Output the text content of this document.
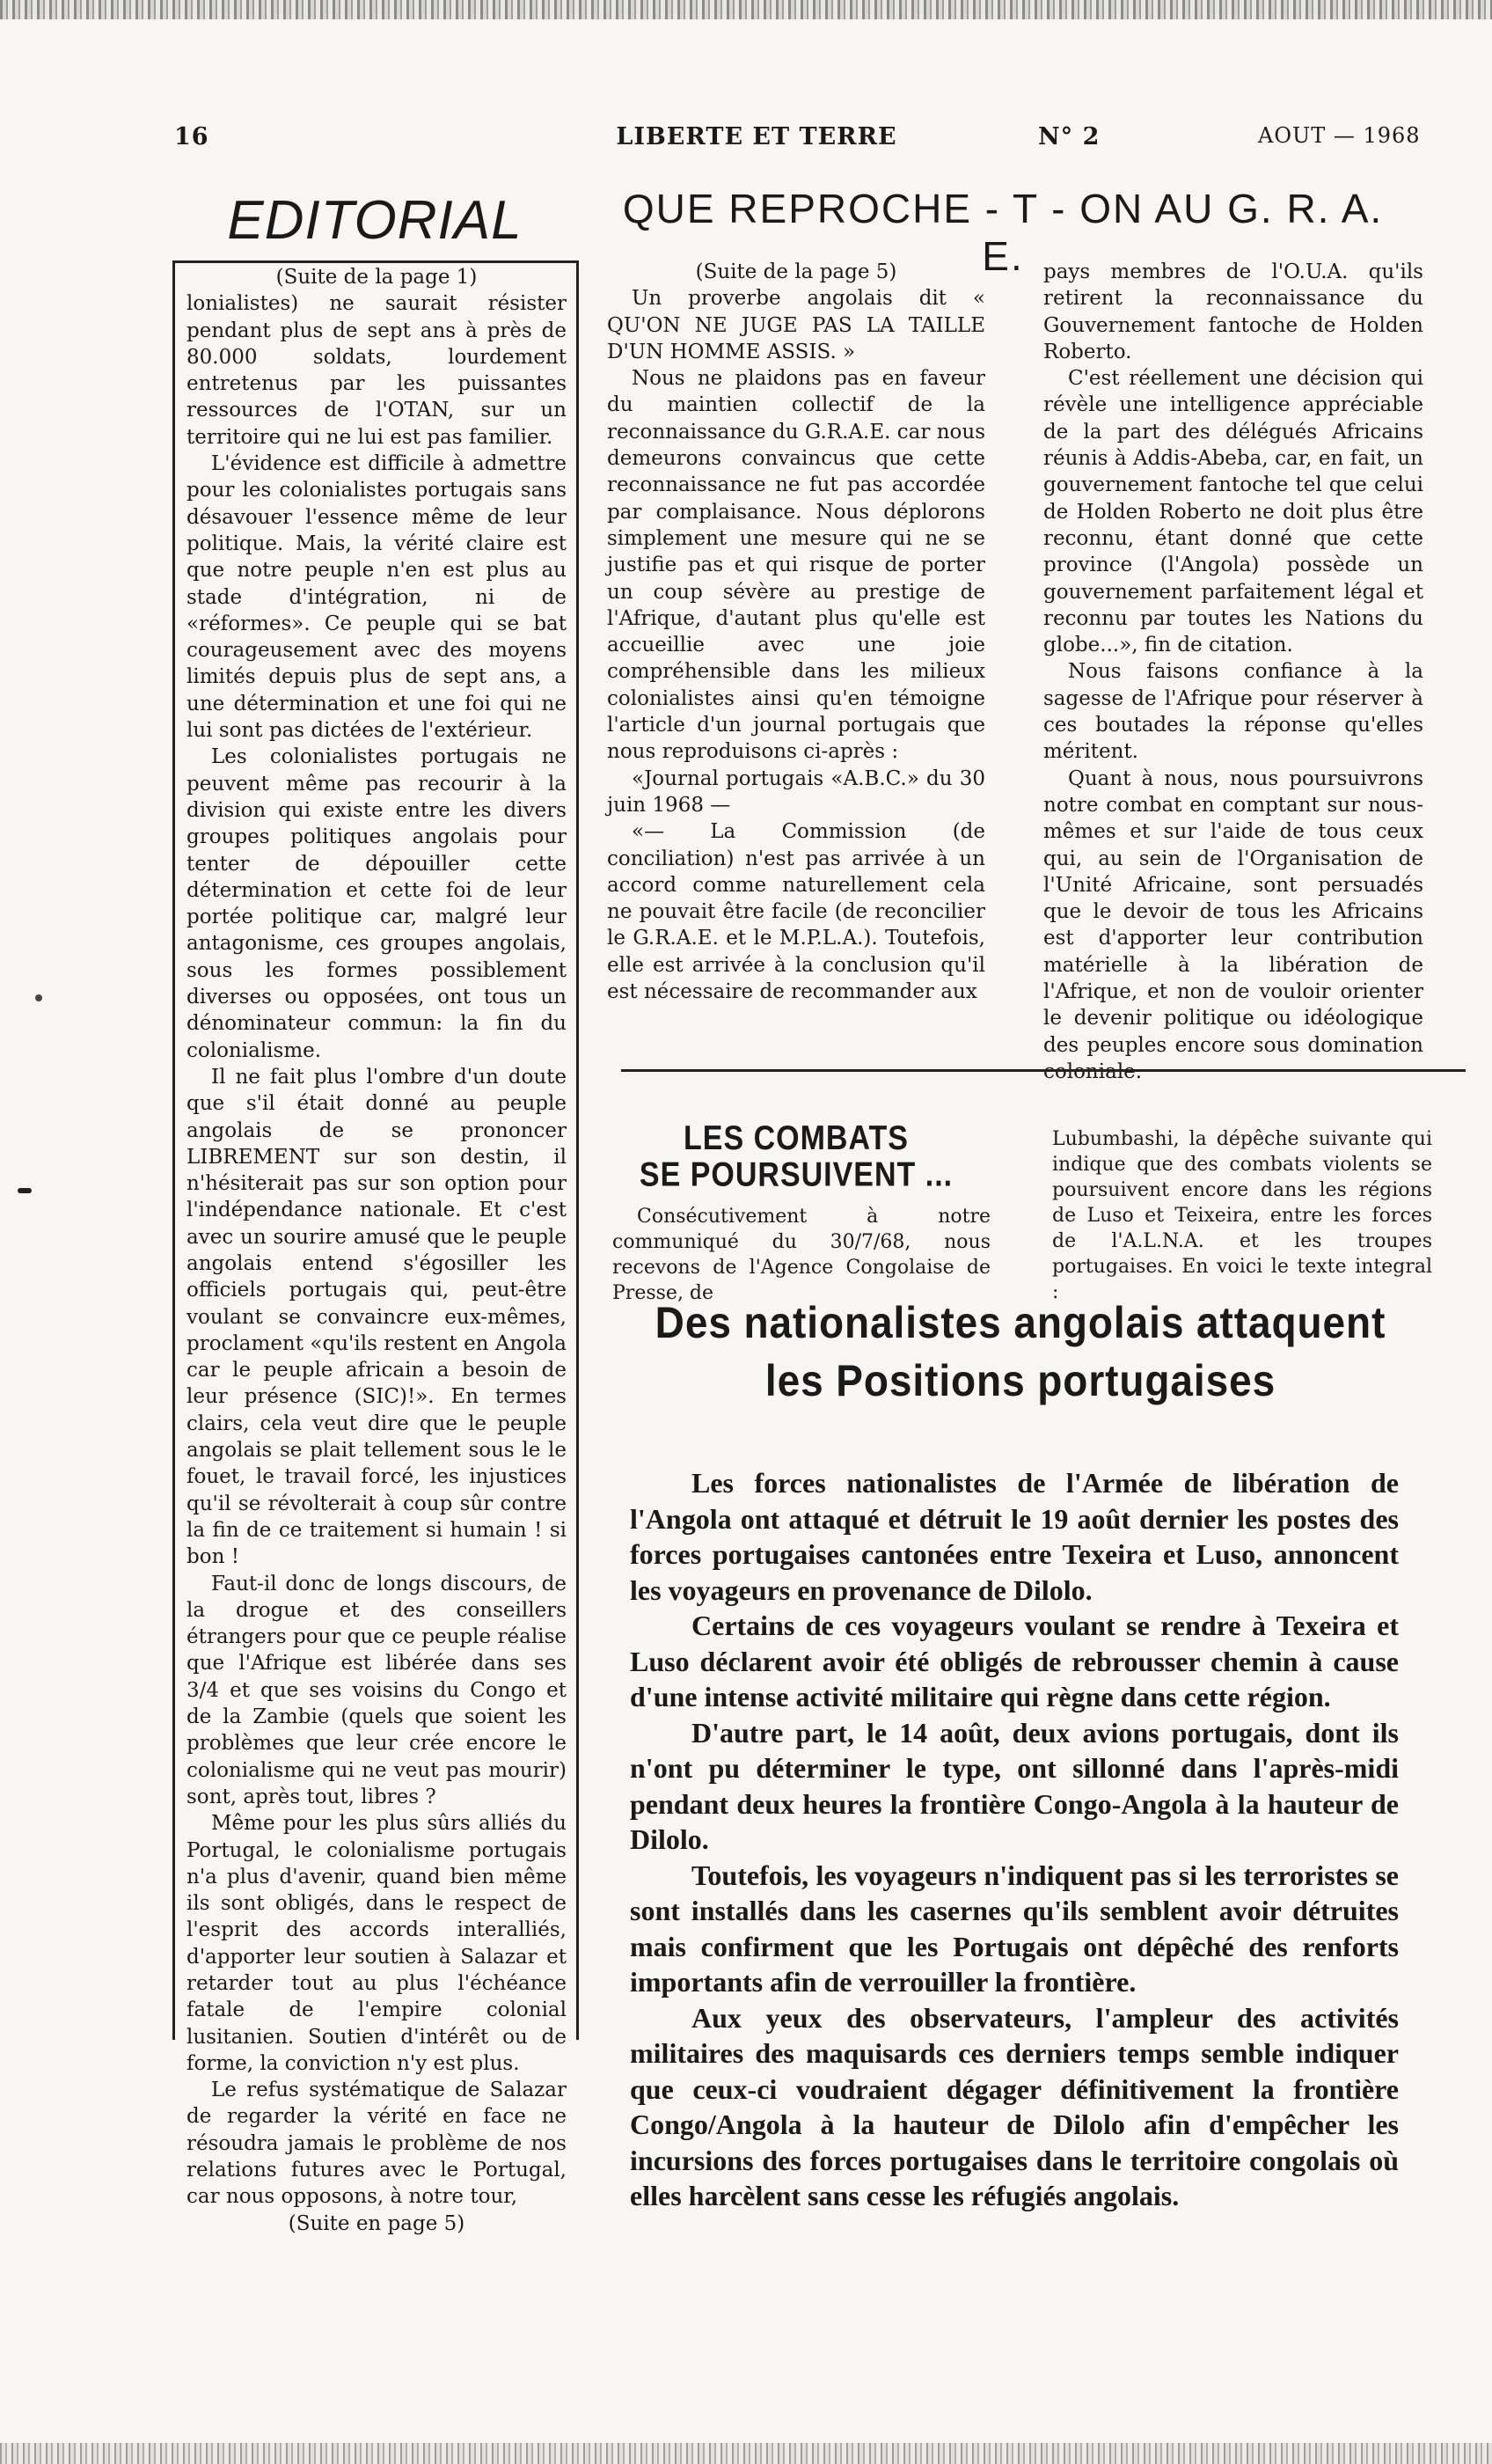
16	LIBERTE ET TERRE	N° 2	AOUT — 1968
EDITORIAL
(Suite de la page 1)

lonialistes) ne saurait résister pendant plus de sept ans à près de 80.000 soldats, lourdement entretenus par les puissantes ressources de l'OTAN, sur un territoire qui ne lui est pas familier.

L'évidence est difficile à admettre pour les colonialistes portugais sans désavouer l'essence même de leur politique. Mais, la vérité claire est que notre peuple n'en est plus au stade d'intégration, ni de «réformes». Ce peuple qui se bat courageusement avec des moyens limités depuis plus de sept ans, a une détermination et une foi qui ne lui sont pas dictées de l'extérieur.

Les colonialistes portugais ne peuvent même pas recourir à la division qui existe entre les divers groupes politiques angolais pour tenter de dépouiller cette détermination et cette foi de leur portée politique car, malgré leur antagonisme, ces groupes angolais, sous les formes possiblement diverses ou opposées, ont tous un dénominateur commun: la fin du colonialisme.

Il ne fait plus l'ombre d'un doute que s'il était donné au peuple angolais de se prononcer LIBREMENT sur son destin, il n'hésiterait pas sur son option pour l'indépendance nationale. Et c'est avec un sourire amusé que le peuple angolais entend s'égosiller les officiels portugais qui, peut-être voulant se convaincre eux-mêmes, proclament «qu'ils restent en Angola car le peuple africain a besoin de leur présence (SIC)!». En termes clairs, cela veut dire que le peuple angolais se plait tellement sous le le fouet, le travail forcé, les injustices qu'il se révolterait à coup sûr contre la fin de ce traitement si humain ! si bon !

Faut-il donc de longs discours, de la drogue et des conseillers étrangers pour que ce peuple réalise que l'Afrique est libérée dans ses 3/4 et que ses voisins du Congo et de la Zambie (quels que soient les problèmes que leur crée encore le colonialisme qui ne veut pas mourir) sont, après tout, libres ?

Même pour les plus sûrs alliés du Portugal, le colonialisme portugais n'a plus d'avenir, quand bien même ils sont obligés, dans le respect de l'esprit des accords interalliés, d'apporter leur soutien à Salazar et retarder tout au plus l'échéance fatale de l'empire colonial lusitanien. Soutien d'intérêt ou de forme, la conviction n'y est plus.

Le refus systématique de Salazar de regarder la vérité en face ne résoudra jamais le problème de nos relations futures avec le Portugal, car nous opposons, à notre tour,

(Suite en page 5)
QUE REPROCHE - T - ON AU G. R. A. E.
(Suite de la page 5)

Un proverbe angolais dit « QU'ON NE JUGE PAS LA TAILLE D'UN HOMME ASSIS. »

Nous ne plaidons pas en faveur du maintien collectif de la reconnaissance du G.R.A.E. car nous demeurons convaincus que cette reconnaissance ne fut pas accordée par complaisance. Nous déplorons simplement une mesure qui ne se justifie pas et qui risque de porter un coup sévère au prestige de l'Afrique, d'autant plus qu'elle est accueillie avec une joie compréhensible dans les milieux colonialistes ainsi qu'en témoigne l'article d'un journal portugais que nous reproduisons ci-après :

«Journal portugais «A.B.C.» du 30 juin 1968 —

«— La Commission (de conciliation) n'est pas arrivée à un accord comme naturellement cela ne pouvait être facile (de reconcilier le G.R.A.E. et le M.P.L.A.). Toutefois, elle est arrivée à la conclusion qu'il est nécessaire de recommander aux

pays membres de l'O.U.A. qu'ils retirent la reconnaissance du Gouvernement fantoche de Holden Roberto.

C'est réellement une décision qui révèle une intelligence appréciable de la part des délégués Africains réunis à Addis-Abeba, car, en fait, un gouvernement fantoche tel que celui de Holden Roberto ne doit plus être reconnu, étant donné que cette province (l'Angola) possède un gouvernement parfaitement légal et reconnu par toutes les Nations du globe...», fin de citation.

Nous faisons confiance à la sagesse de l'Afrique pour réserver à ces boutades la réponse qu'elles méritent.

Quant à nous, nous poursuivrons notre combat en comptant sur nous-mêmes et sur l'aide de tous ceux qui, au sein de l'Organisation de l'Unité Africaine, sont persuadés que le devoir de tous les Africains est d'apporter leur contribution matérielle à la libération de l'Afrique, et non de vouloir orienter le devenir politique ou idéologique des peuples encore sous domination

LES COMBATS
SE POURSUIVENT ...

Consécutivement à notre communiqué du 30/7/68, nous recevons de l'Agence Congolaise de Presse, de

Lubumbashi, la dépêche suivante qui indique que des combats violents se poursuivent encore dans les régions de Luso et Teixeira, entre les forces de l'A.L.N.A. et les troupes portugaises. En voici le texte integral :

Des nationalistes angolais attaquent
les Positions portugaises

Les forces nationalistes de l'Armée de libération de l'Angola ont attaqué et détruit le 19 août dernier les postes des forces portugaises cantonées entre Texeira et Luso, annoncent les voyageurs en provenance de Dilolo.

Certains de ces voyageurs voulant se rendre à Texeira et Luso déclarent avoir été obligés de rebrousser chemin à cause d'une intense activité militaire qui règne dans cette région.

D'autre part, le 14 août, deux avions portugais, dont ils n'ont pu déterminer le type, ont sillonné dans l'après-midi pendant deux heures la frontière Congo-Angola à la hauteur de Dilolo.

Toutefois, les voyageurs n'indiquent pas si les terroristes se sont installés dans les casernes qu'ils semblent avoir détruites mais confirment que les Portugais ont dépêché des renforts importants afin de verrouiller la frontière.

Aux yeux des observateurs, l'ampleur des activités militaires des maquisards ces derniers temps semble indiquer que ceux-ci voudraient dégager définitivement la frontière Congo/Angola à la hauteur de Dilolo afin d'empêcher les incursions des forces portugaises dans le territoire congolais où elles harcèlent sans cesse les réfugiés angolais.
